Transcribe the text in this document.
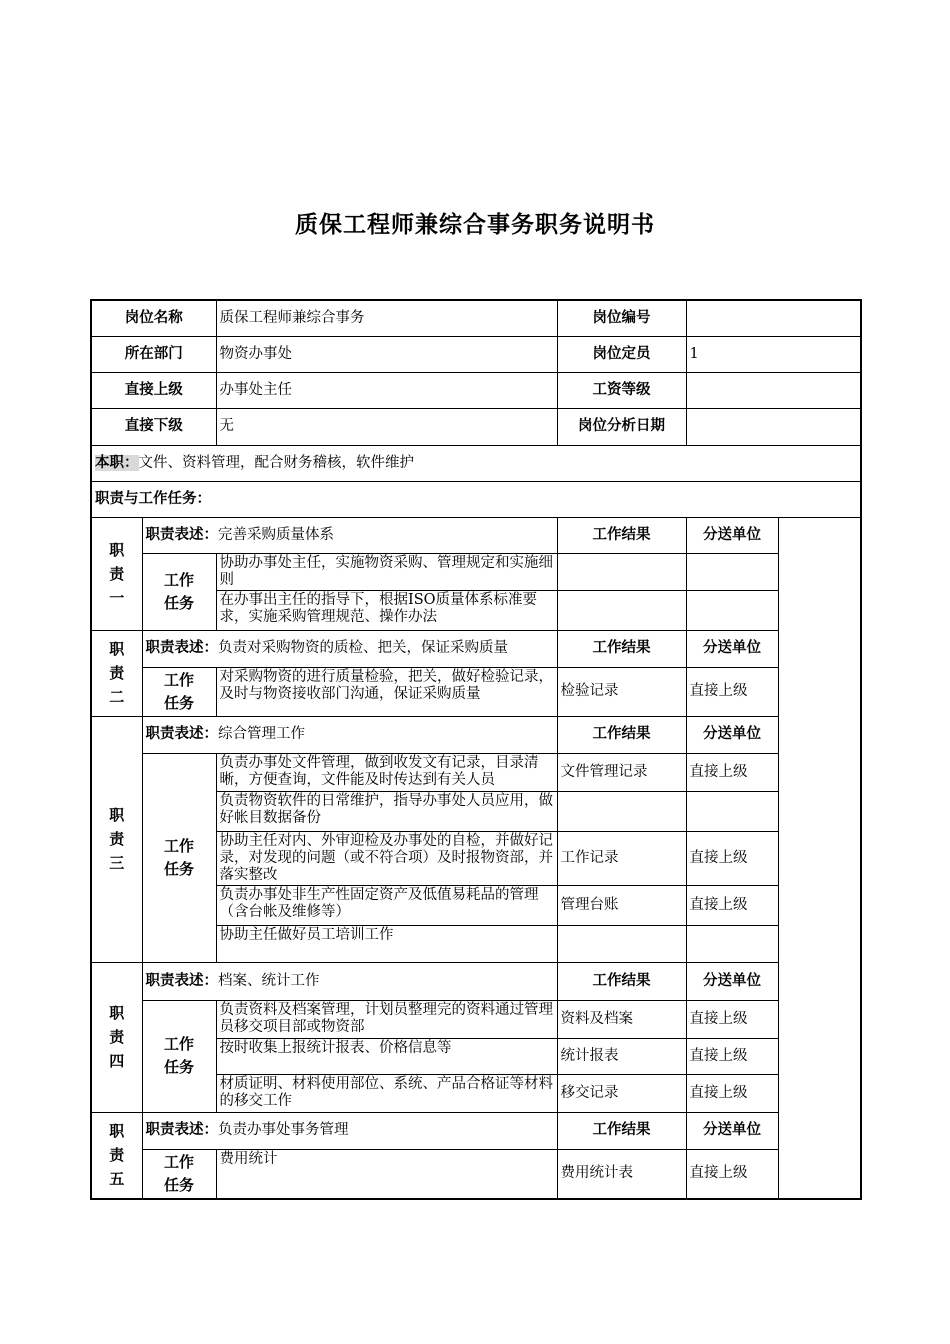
质保工程师兼综合事务职务说明书
岗位名称		质保工程师兼综合事务	岗位编号	
所在部门		物资办事处	岗位定员	1
直接上级		办事处主任	工资等级	
直接下级		无	岗位分析日期	
本职：文件、资料管理，配合财务稽核，软件维护				
职责与工作任务：				
职
责
一	职责表述：完善采购质量体系		工作结果	分送单位
	工作
任务	协助办事处主任，实施物资采购、管理规定和实施细则		
		在办事出主任的指导下，根据ISO质量体系标准要求，实施采购管理规范、操作办法		
职
责
二	职责表述：负责对采购物资的质检、把关，保证采购质量		工作结果	分送单位
	工作
任务	对采购物资的进行质量检验，把关，做好检验记录，及时与物资接收部门沟通，保证采购质量	检验记录	直接上级
职
责
三	职责表述：综合管理工作		工作结果	分送单位
	工作
任务	负责办事处文件管理，做到收发文有记录，目录清晰，方便查询，文件能及时传达到有关人员	文件管理记录	直接上级
		负责物资软件的日常维护，指导办事处人员应用，做好帐目数据备份		
		协助主任对内、外审迎检及办事处的自检，并做好记录，对发现的问题（或不符合项）及时报物资部，并落实整改	工作记录	直接上级
		负责办事处非生产性固定资产及低值易耗品的管理（含台帐及维修等）	管理台账	直接上级
		协助主任做好员工培训工作		
职
责
四	职责表述：档案、统计工作		工作结果	分送单位
	工作
任务	负责资料及档案管理，计划员整理完的资料通过管理员移交项目部或物资部	资料及档案	直接上级
		按时收集上报统计报表、价格信息等	统计报表	直接上级
		材质证明、材料使用部位、系统、产品合格证等材料的移交工作	移交记录	直接上级
职
责
五	职责表述：负责办事处事务管理		工作结果	分送单位
	工作
任务	费用统计	费用统计表	直接上级
